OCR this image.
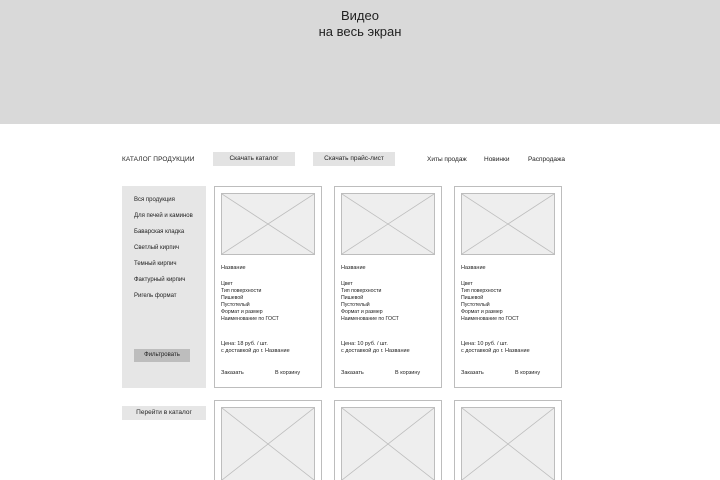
Видео
на весь экран
КАТАЛОГ ПРОДУКЦИИ	Скачать каталог	Скачать прайс-лист	Хиты продаж	Новинки	Распродажа
Вся продукция
Для печей и каминов
Баварская кладка
Светлый кирпич
Темный кирпич
Фактурный кирпич
Ригель формат
Фильтровать
Перейти в каталог
Название
Цвет
Тип поверхности
Пишевой
Пустотелый
Формат и размер
Наименование по ГОСТ
Цена: 18 руб. / шт.
с доставкой до г. Название
Заказать	В корзину
Название
Цвет
Тип поверхности
Пишевой
Пустотелый
Формат и размер
Наименование по ГОСТ
Цена: 10 руб. / шт.
с доставкой до г. Название
Заказать	В корзину
Название
Цвет
Тип поверхности
Пишевой
Пустотелый
Формат и размер
Наименование по ГОСТ
Цена: 10 руб. / шт.
с доставкой до г. Название
Заказать	В корзину
